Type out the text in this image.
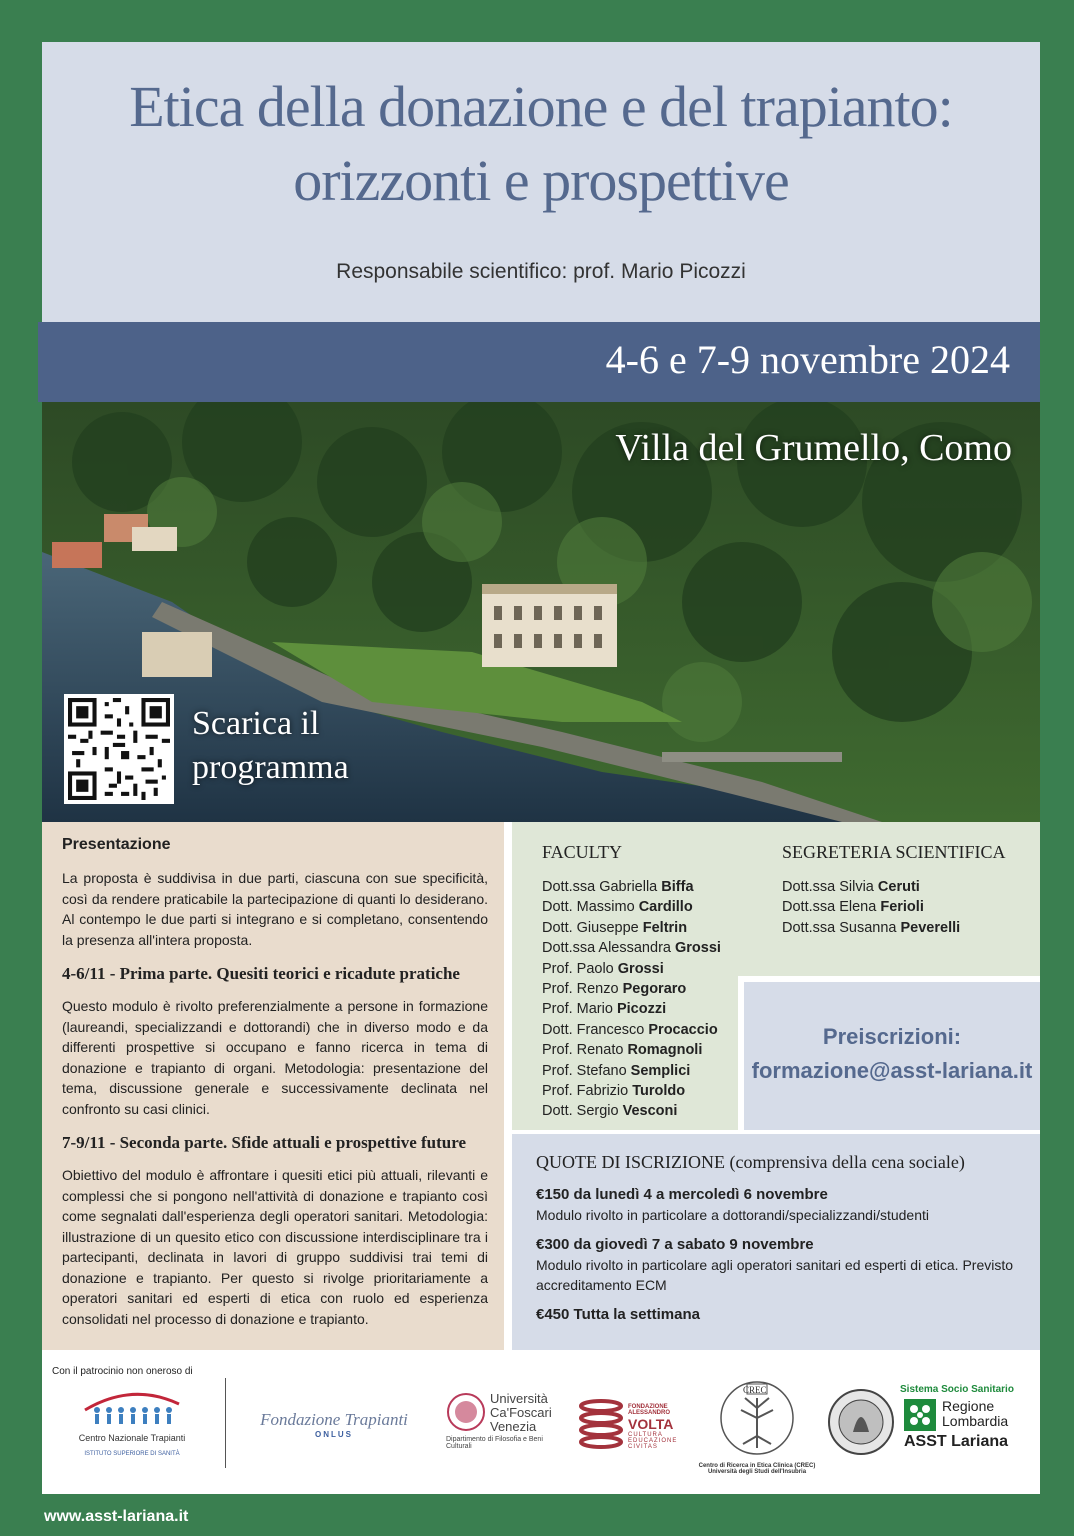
Etica della donazione e del trapianto:
orizzonti e prospettive
Responsabile scientifico: prof. Mario Picozzi
4-6 e 7-9 novembre 2024
Villa del Grumello, Como
Scarica il
programma
Presentazione

La proposta è suddivisa in due parti, ciascuna con sue specificità, così da rendere praticabile la partecipazione di quanti lo desiderano. Al contempo le due parti si integrano e si completano, consentendo la presenza all'intera proposta.

4-6/11 - Prima parte. Quesiti teorici e ricadute pratiche

Questo modulo è rivolto preferenzialmente a persone in formazione (laureandi, specializzandi e dottorandi) che in diverso modo e da differenti prospettive si occupano e fanno ricerca in tema di donazione e trapianto di organi. Metodologia: presentazione del tema, discussione generale e successivamente declinata nel confronto su casi clinici.

7-9/11 - Seconda parte. Sfide attuali e prospettive future

Obiettivo del modulo è affrontare i quesiti etici più attuali, rilevanti e complessi che si pongono nell'attività di donazione e trapianto così come segnalati dall'esperienza degli operatori sanitari. Metodologia: illustrazione di un quesito etico con discussione interdisciplinare tra i partecipanti, declinata in lavori di gruppo suddivisi trai temi di donazione e trapianto. Per questo si rivolge prioritariamente a operatori sanitari ed esperti di etica con ruolo ed esperienza consolidati nel processo di donazione e trapianto.

FACULTY
Dott.ssa Gabriella Biffa
Dott. Massimo Cardillo
Dott. Giuseppe Feltrin
Dott.ssa Alessandra Grossi
Prof. Paolo Grossi
Prof. Renzo Pegoraro
Prof. Mario Picozzi
Dott. Francesco Procaccio
Prof. Renato Romagnoli
Prof. Stefano Semplici
Prof. Fabrizio Turoldo
Dott. Sergio Vesconi
SEGRETERIA SCIENTIFICA
Dott.ssa Silvia Ceruti
Dott.ssa Elena Ferioli
Dott.ssa Susanna Peverelli
Preiscrizioni:
formazione@asst-lariana.it
QUOTE DI ISCRIZIONE (comprensiva della cena sociale)
€150 da lunedì 4 a mercoledì 6 novembre
Modulo rivolto in particolare a dottorandi/specializzandi/studenti
€300 da giovedì 7 a sabato 9 novembre
Modulo rivolto in particolare agli operatori sanitari ed esperti di etica. Previsto accreditamento ECM
€450 Tutta la settimana
Con il patrocinio non oneroso di
Centro Nazionale Trapianti
ISTITUTO SUPERIORE DI SANITÀ
Fondazione Trapianti
ONLUS
Università
Ca'Foscari
Venezia
Dipartimento di Filosofia e Beni Culturali
FONDAZIONE ALESSANDRO
VOLTA
CULTURA EDUCAZIONE CIVITAS
CREC
Centro di Ricerca in Etica Clinica (CREC)
Università degli Studi dell'Insubria
Sistema Socio Sanitario
Regione
Lombardia
ASST Lariana
www.asst-lariana.it
